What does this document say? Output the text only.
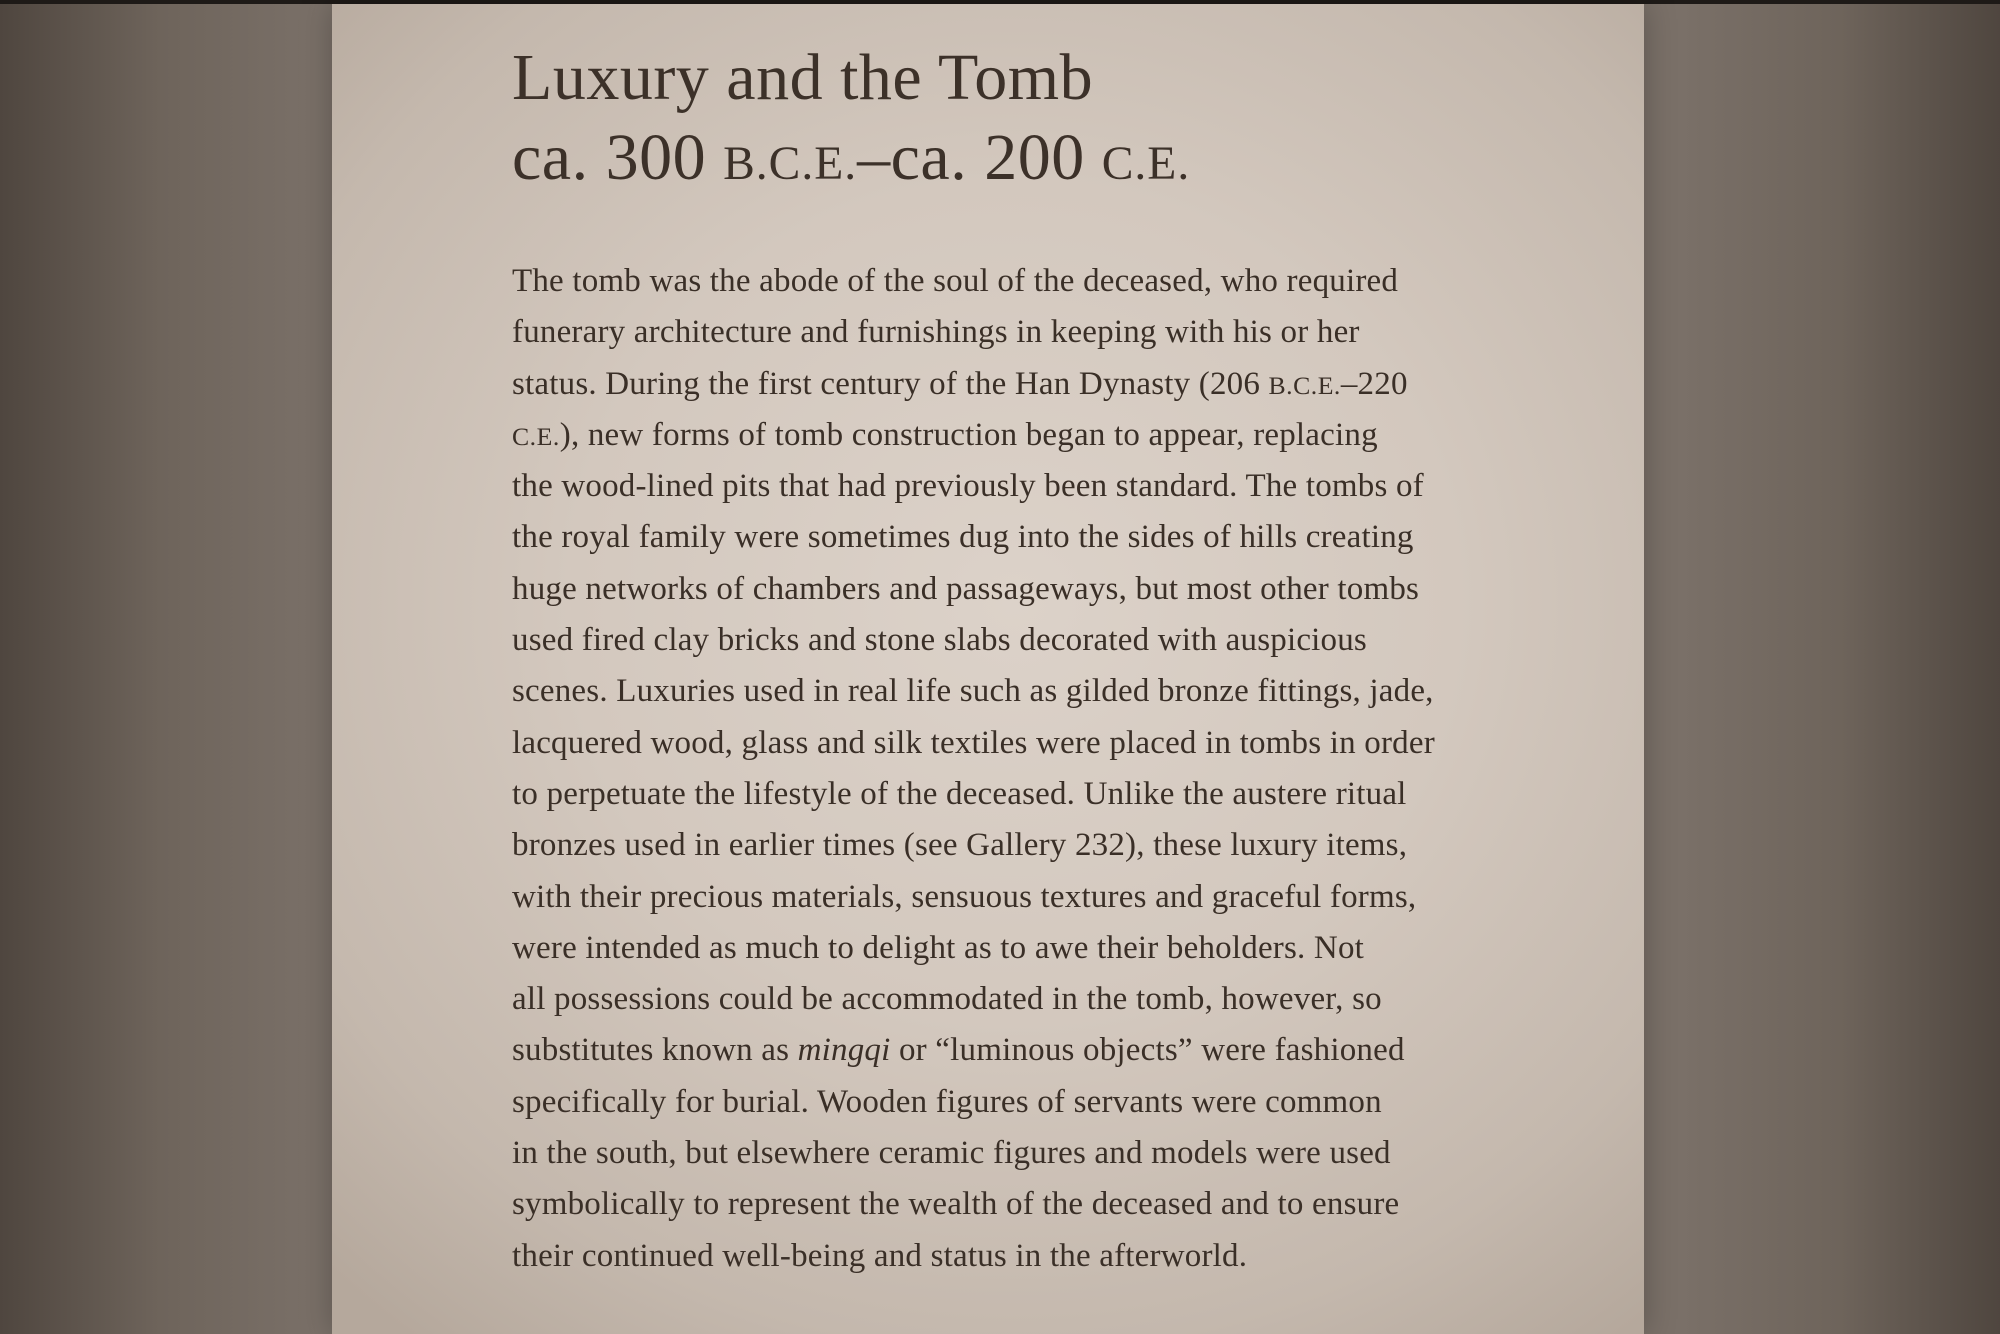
Luxury and the Tomb
ca. 300 B.C.E.–ca. 200 C.E.
The tomb was the abode of the soul of the deceased, who required
funerary architecture and furnishings in keeping with his or her
status. During the first century of the Han Dynasty (206 B.C.E.–220
C.E.), new forms of tomb construction began to appear, replacing
the wood-lined pits that had previously been standard. The tombs of
the royal family were sometimes dug into the sides of hills creating
huge networks of chambers and passageways, but most other tombs
used fired clay bricks and stone slabs decorated with auspicious
scenes. Luxuries used in real life such as gilded bronze fittings, jade,
lacquered wood, glass and silk textiles were placed in tombs in order
to perpetuate the lifestyle of the deceased. Unlike the austere ritual
bronzes used in earlier times (see Gallery 232), these luxury items,
with their precious materials, sensuous textures and graceful forms,
were intended as much to delight as to awe their beholders. Not
all possessions could be accommodated in the tomb, however, so
substitutes known as mingqi or “luminous objects” were fashioned
specifically for burial. Wooden figures of servants were common
in the south, but elsewhere ceramic figures and models were used
symbolically to represent the wealth of the deceased and to ensure
their continued well-being and status in the afterworld.
